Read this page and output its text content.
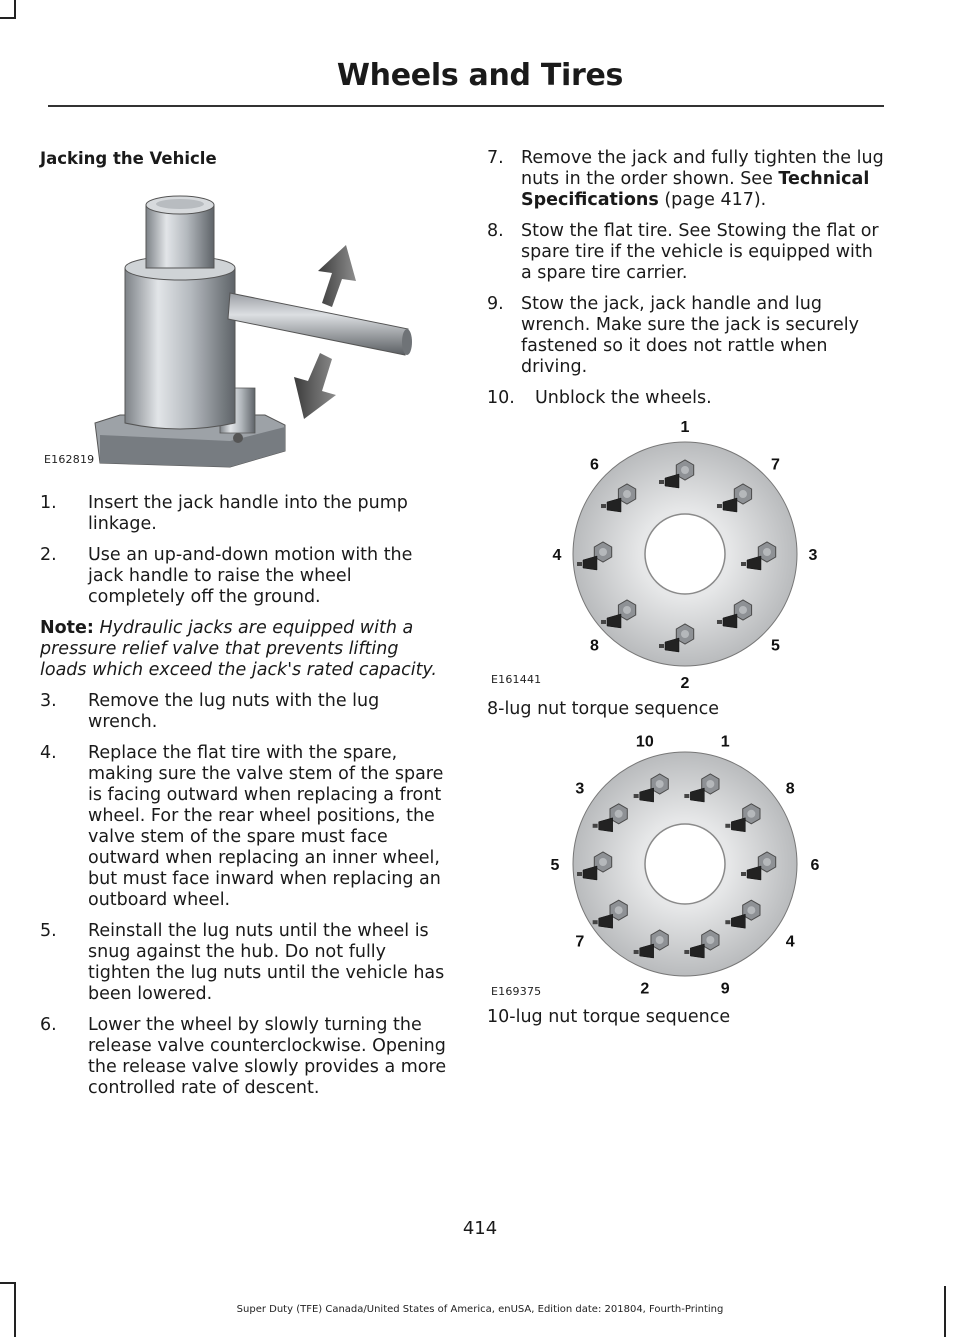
Wheels and Tires
Jacking the Vehicle
E162819
1. Insert the jack handle into the pump linkage.
2. Use an up-and-down motion with the jack handle to raise the wheel completely off the ground.
Note: Hydraulic jacks are equipped with a pressure relief valve that prevents lifting loads which exceed the jack's rated capacity.
3. Remove the lug nuts with the lug wrench.
4. Replace the flat tire with the spare, making sure the valve stem of the spare is facing outward when replacing a front wheel. For the rear wheel positions, the valve stem of the spare must face outward when replacing an inner wheel, but must face inward when replacing an outboard wheel.
5. Reinstall the lug nuts until the wheel is snug against the hub. Do not fully tighten the lug nuts until the vehicle has been lowered.
6. Lower the wheel by slowly turning the release valve counterclockwise. Opening the release valve slowly provides a more controlled rate of descent.
7. Remove the jack and fully tighten the lug nuts in the order shown. See Technical Specifications (page 417).
8. Stow the flat tire. See Stowing the flat or spare tire if the vehicle is equipped with a spare tire carrier.
9. Stow the jack, jack handle and lug wrench. Make sure the jack is securely fastened so it does not rattle when driving.
10. Unblock the wheels.
1
7
3
5
2
8
4
6
E161441
8-lug nut torque sequence
1
8
6
4
9
2
7
5
3
10
E169375
10-lug nut torque sequence
414
Super Duty (TFE) Canada/United States of America, enUSA, Edition date: 201804, Fourth-Printing
